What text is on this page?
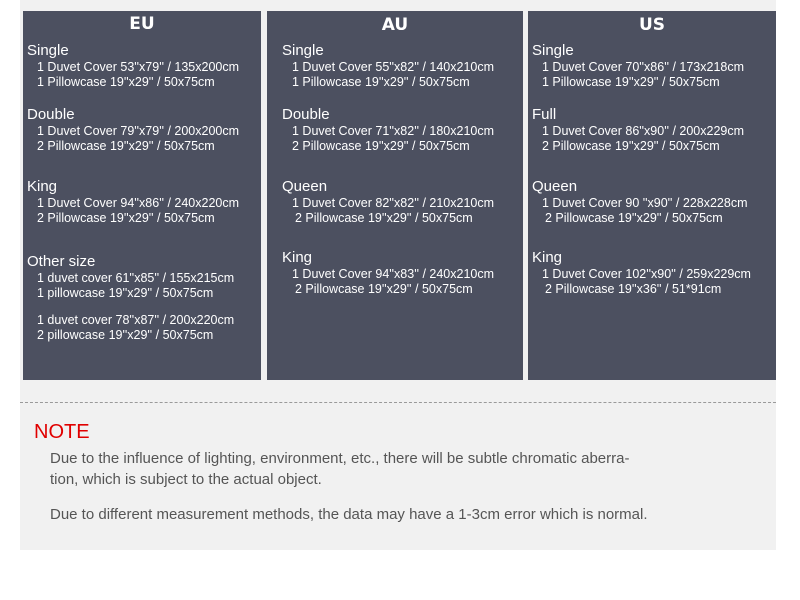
EU
Single
1 Duvet Cover 53''x79'' / 135x200cm
1 Pillowcase 19''x29'' / 50x75cm
Double
1 Duvet Cover 79''x79'' / 200x200cm
2 Pillowcase 19''x29'' / 50x75cm
King
1 Duvet Cover 94''x86'' / 240x220cm
2 Pillowcase 19''x29'' / 50x75cm
Other size
1 duvet cover 61''x85'' / 155x215cm
1 pillowcase 19''x29'' / 50x75cm
1 duvet cover 78''x87'' / 200x220cm
2 pillowcase 19''x29'' / 50x75cm
AU
Single
1 Duvet Cover 55''x82'' / 140x210cm
1 Pillowcase 19''x29'' / 50x75cm
Double
1 Duvet Cover 71''x82'' / 180x210cm
2 Pillowcase 19''x29'' / 50x75cm
Queen
1 Duvet Cover 82''x82'' / 210x210cm
2 Pillowcase 19''x29'' / 50x75cm
King
1 Duvet Cover 94''x83'' / 240x210cm
2 Pillowcase 19''x29'' / 50x75cm
US
Single
1 Duvet Cover 70''x86'' / 173x218cm
1 Pillowcase 19''x29'' / 50x75cm
Full
1 Duvet Cover 86''x90'' / 200x229cm
2 Pillowcase 19''x29'' / 50x75cm
Queen
1 Duvet Cover 90 ''x90'' / 228x228cm
2 Pillowcase 19''x29'' / 50x75cm
King
1 Duvet Cover 102''x90'' / 259x229cm
2 Pillowcase 19''x36'' / 51*91cm
NOTE
Due to the influence of lighting, environment, etc., there will be subtle chromatic aberra-
tion, which is subject to the actual object.
Due to different measurement methods, the data may have a 1-3cm error which is normal.
